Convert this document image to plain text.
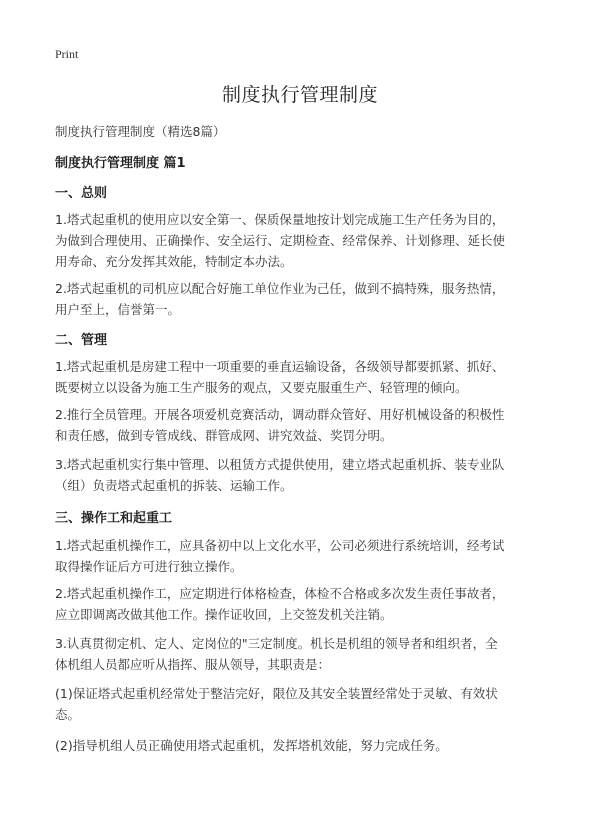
Print
制度执行管理制度
制度执行管理制度（精选8篇）
制度执行管理制度 篇1
一、总则
1.塔式起重机的使用应以安全第一、保质保量地按计划完成施工生产任务为目的，
为做到合理使用、正确操作、安全运行、定期检查、经常保养、计划修理、延长使
用寿命、充分发挥其效能，特制定本办法。
2.塔式起重机的司机应以配合好施工单位作业为己任，做到不搞特殊，服务热情，
用户至上，信誉第一。
二、管理
1.塔式起重机是房建工程中一项重要的垂直运输设备，各级领导都要抓紧、抓好、
既要树立以设备为施工生产服务的观点，又要克服重生产、轻管理的倾向。
2.推行全员管理。开展各项爱机竞赛活动，调动群众管好、用好机械设备的积极性
和责任感，做到专管成线、群管成网、讲究效益、奖罚分明。
3.塔式起重机实行集中管理、以租赁方式提供使用，建立塔式起重机拆、装专业队
（组）负责塔式起重机的拆装、运输工作。
三、操作工和起重工
1.塔式起重机操作工，应具备初中以上文化水平，公司必须进行系统培训，经考试
取得操作证后方可进行独立操作。
2.塔式起重机操作工，应定期进行体格检查，体检不合格或多次发生责任事故者，
应立即调离改做其他工作。操作证收回，上交签发机关注销。
3.认真贯彻定机、定人、定岗位的"三定制度。机长是机组的领导者和组织者，全
体机组人员都应听从指挥、服从领导，其职责是：
(1)保证塔式起重机经常处于整洁完好，限位及其安全装置经常处于灵敏、有效状
态。
(2)指导机组人员正确使用塔式起重机，发挥塔机效能，努力完成任务。
